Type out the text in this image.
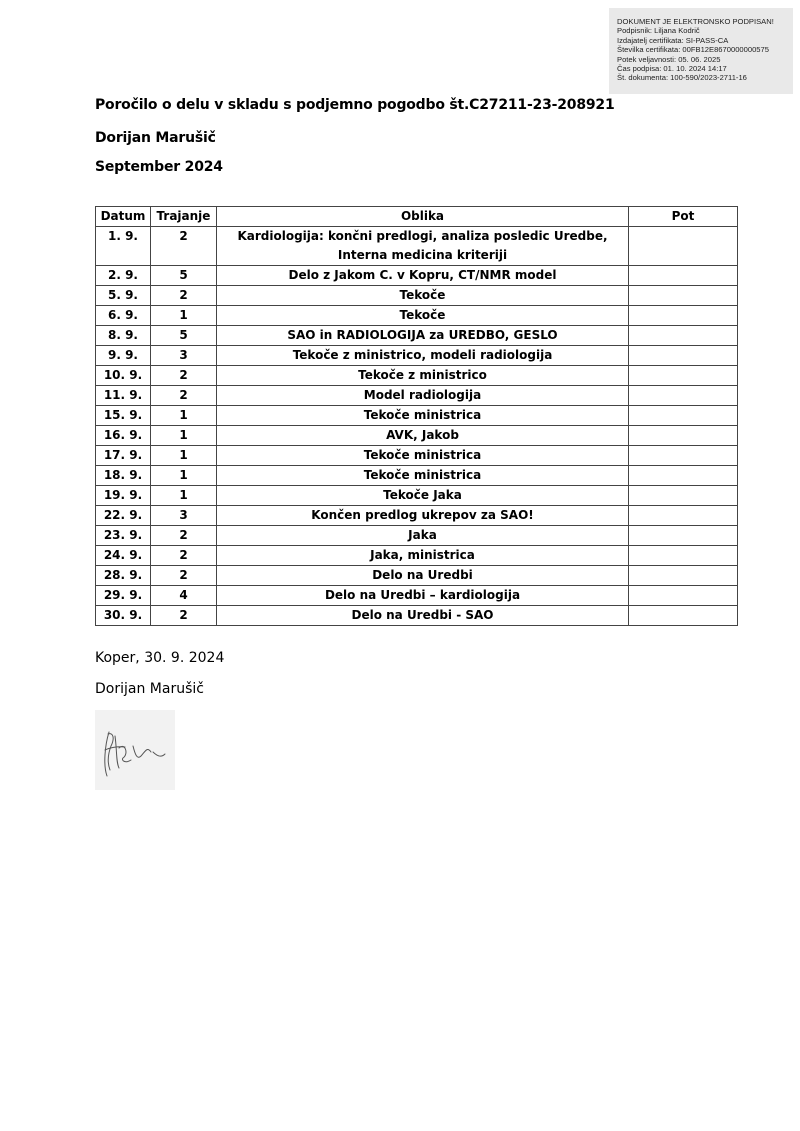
DOKUMENT JE ELEKTRONSKO PODPISAN!
Podpisnik: Liljana Kodrič
Izdajatelj certifikata: SI-PASS-CA
Številka certifikata: 00FB12E8670000000575
Potek veljavnosti: 05. 06. 2025
Čas podpisa: 01. 10. 2024 14:17
Št. dokumenta: 100-590/2023-2711-16
Poročilo o delu v skladu s podjemno pogodbo št.C27211-23-208921
Dorijan Marušič
September 2024
Datum	Trajanje	Oblika	Pot
1. 9.	2	Kardiologija: končni predlogi, analiza posledic Uredbe, Interna medicina kriteriji	
2. 9.	5	Delo z Jakom C. v Kopru, CT/NMR model	
5. 9.	2	Tekoče	
6. 9.	1	Tekoče	
8. 9.	5	SAO in RADIOLOGIJA za UREDBO, GESLO	
9. 9.	3	Tekoče z ministrico, modeli radiologija	
10. 9.	2	Tekoče z ministrico	
11. 9.	2	Model radiologija	
15. 9.	1	Tekoče ministrica	
16. 9.	1	AVK, Jakob	
17. 9.	1	Tekoče ministrica	
18. 9.	1	Tekoče ministrica	
19. 9.	1	Tekoče Jaka	
22. 9.	3	Končen predlog ukrepov za SAO!	
23. 9.	2	Jaka	
24. 9.	2	Jaka, ministrica	
28. 9.	2	Delo na Uredbi	
29. 9.	4	Delo na Uredbi – kardiologija	
30. 9.	2	Delo na Uredbi - SAO	
Koper, 30. 9. 2024
Dorijan Marušič
